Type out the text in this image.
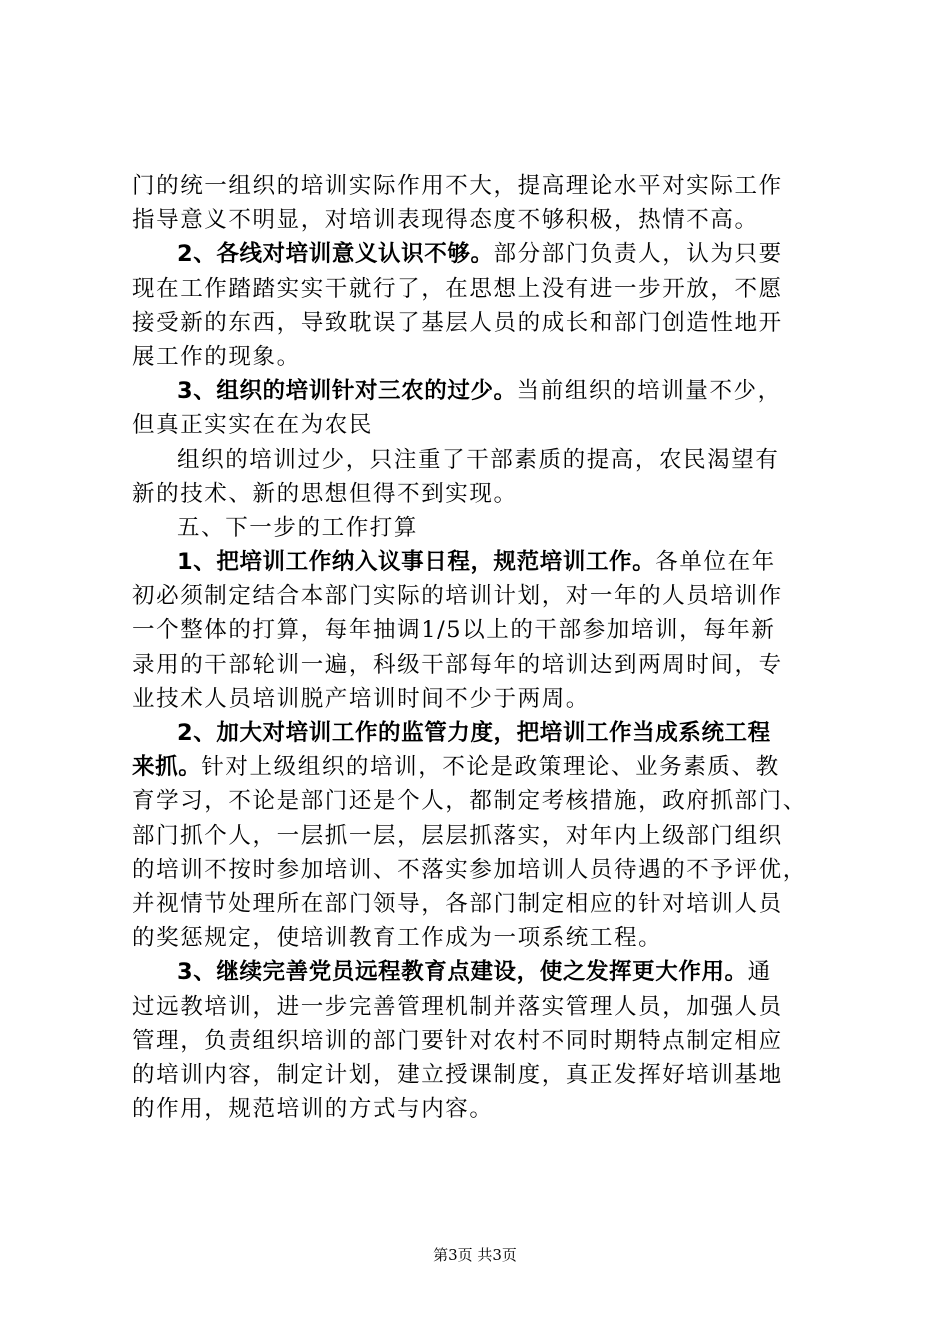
门的统一组织的培训实际作用不大，提高理论水平对实际工作
指导意义不明显，对培训表现得态度不够积极，热情不高。
2、各线对培训意义认识不够。部分部门负责人，认为只要
现在工作踏踏实实干就行了，在思想上没有进一步开放，不愿
接受新的东西，导致耽误了基层人员的成长和部门创造性地开
展工作的现象。
3、组织的培训针对三农的过少。当前组织的培训量不少，
但真正实实在在为农民
组织的培训过少，只注重了干部素质的提高，农民渴望有
新的技术、新的思想但得不到实现。
五、下一步的工作打算
1、把培训工作纳入议事日程，规范培训工作。各单位在年
初必须制定结合本部门实际的培训计划，对一年的人员培训作
一个整体的打算，每年抽调1/5以上的干部参加培训，每年新
录用的干部轮训一遍，科级干部每年的培训达到两周时间，专
业技术人员培训脱产培训时间不少于两周。
2、加大对培训工作的监管力度，把培训工作当成系统工程
来抓。针对上级组织的培训，不论是政策理论、业务素质、教
育学习，不论是部门还是个人，都制定考核措施，政府抓部门、
部门抓个人，一层抓一层，层层抓落实，对年内上级部门组织
的培训不按时参加培训、不落实参加培训人员待遇的不予评优，
并视情节处理所在部门领导，各部门制定相应的针对培训人员
的奖惩规定，使培训教育工作成为一项系统工程。
3、继续完善党员远程教育点建设，使之发挥更大作用。通
过远教培训，进一步完善管理机制并落实管理人员，加强人员
管理，负责组织培训的部门要针对农村不同时期特点制定相应
的培训内容，制定计划，建立授课制度，真正发挥好培训基地
的作用，规范培训的方式与内容。
第3页 共3页
